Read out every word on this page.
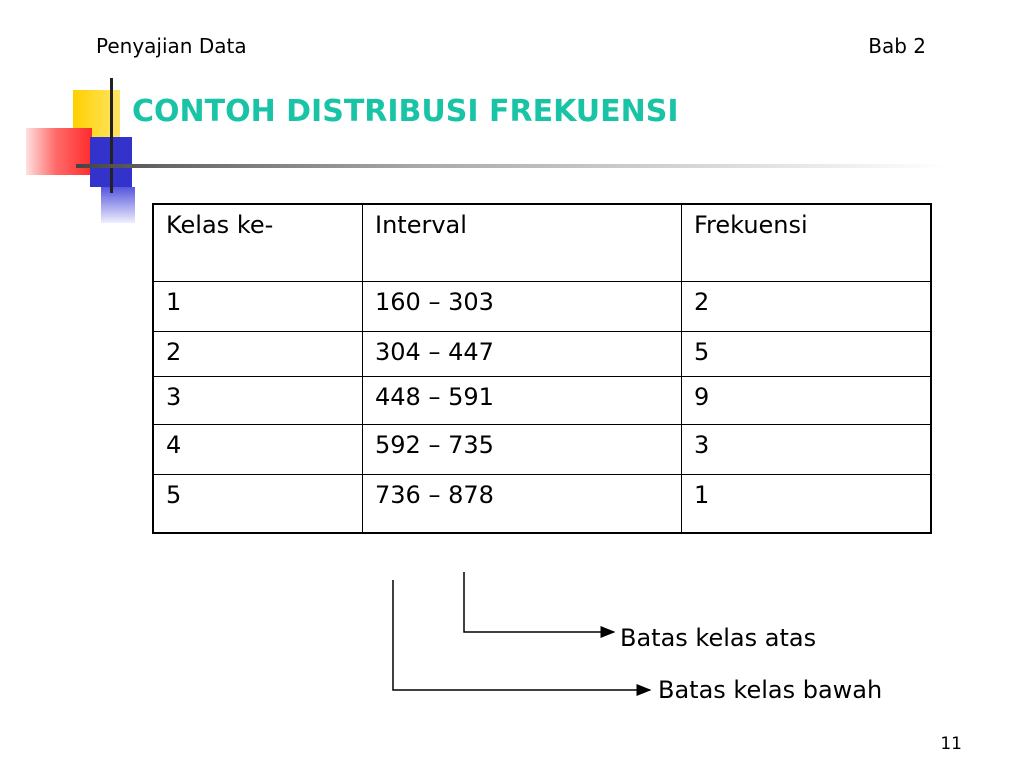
Penyajian Data	Bab 2
CONTOH DISTRIBUSI FREKUENSI
Kelas ke-	Interval	Frekuensi
1	160 – 303	2
2	304 – 447	5
3	448 – 591	9
4	592 – 735	3
5	736 – 878	1
Batas kelas atas
Batas kelas bawah
11
